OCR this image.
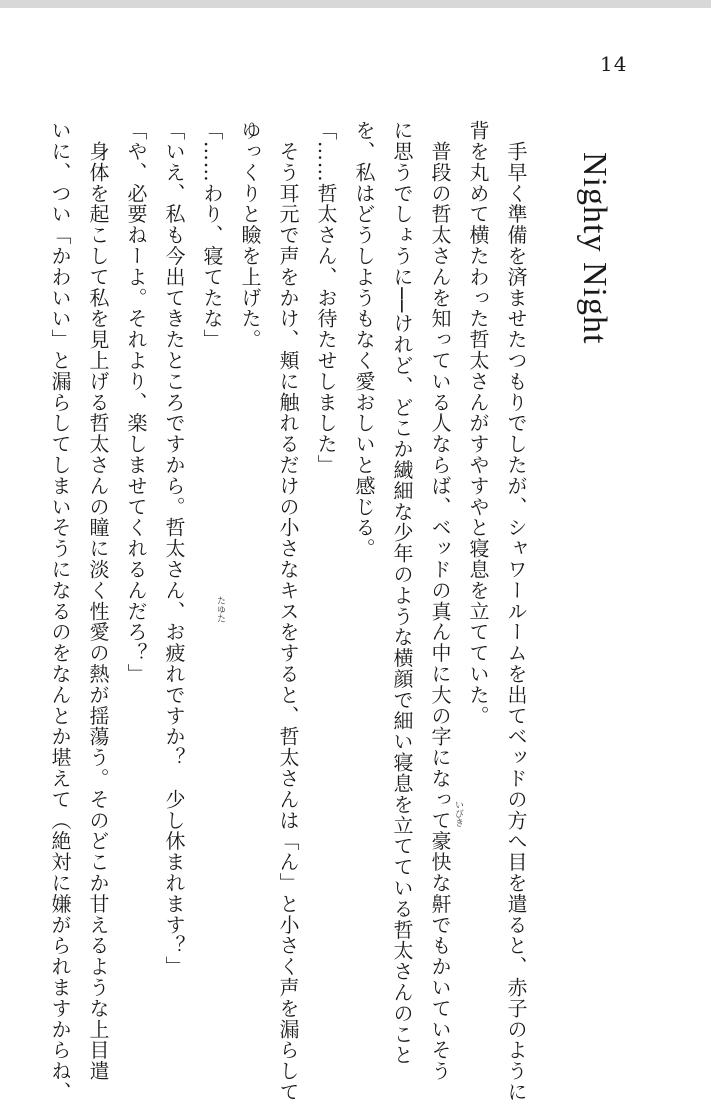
14
Nighty Night
　手早く準備を済ませたつもりでしたが、シャワールームを出てベッドの方へ目を遣ると、赤子のように
背を丸めて横たわった哲太さんがすやすやと寝息を立てていた。
　普段の哲太さんを知っている人ならば、ベッドの真ん中に大の字になって豪快な鼾でもかいていそう
に思うでしょうに──けれど、どこか繊細な少年のような横顔で細い寝息を立てている哲太さんのこと
を、私はどうしようもなく愛おしいと感じる。
「……哲太さん、お待たせしました」
　そう耳元で声をかけ、頬に触れるだけの小さなキスをすると、哲太さんは「ん」と小さく声を漏らして
ゆっくりと瞼を上げた。
「……わり、寝てたな」
「いえ、私も今出てきたところですから。哲太さん、お疲れですか？　少し休まれます？」
「や、必要ねーよ。それより、楽しませてくれるんだろ？」
　身体を起こして私を見上げる哲太さんの瞳に淡く性愛の熱が揺蕩う。そのどこか甘えるような上目遣
いに、つい「かわいい」と漏らしてしまいそうになるのをなんとか堪えて（絶対に嫌がられますからね、	いびき
たゆた
